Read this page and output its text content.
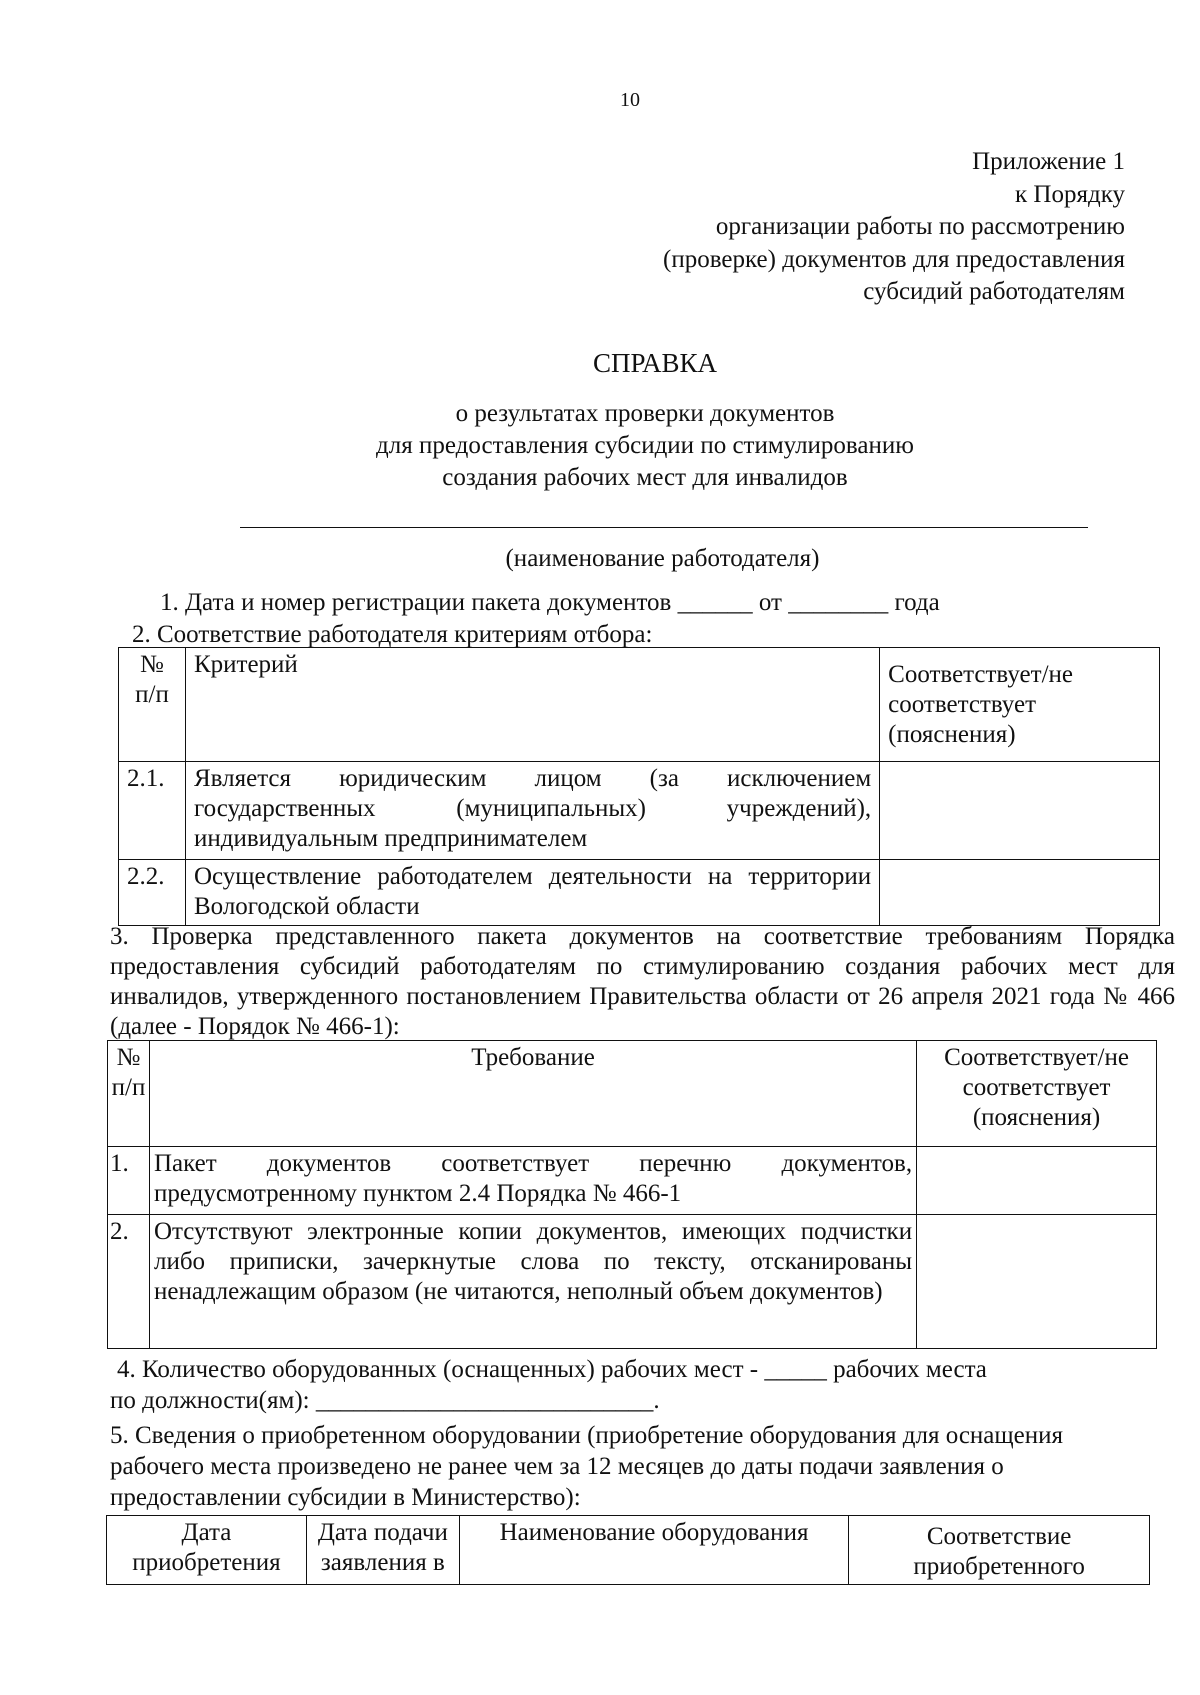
10
Приложение 1
к Порядку
организации работы по рассмотрению
(проверке) документов для предоставления
субсидий работодателям
СПРАВКА
о результатах проверки документов
для предоставления субсидии по стимулированию
создания рабочих мест для инвалидов
(наименование работодателя)
1. Дата и номер регистрации пакета документов ______ от ________ года
2. Соответствие работодателя критериям отбора:
№ п/п	Критерий	Соответствует/не соответствует (пояснения)
2.1.	Является юридическим лицом (за исключением государственных (муниципальных) учреждений), индивидуальным предпринимателем	
2.2.	Осуществление работодателем деятельности на территории Вологодской области	
3. Проверка представленного пакета документов на соответствие требованиям Порядка предоставления субсидий работодателям по стимулированию создания рабочих мест для инвалидов, утвержденного постановлением Правительства области от 26 апреля 2021 года № 466 (далее - Порядок № 466-1):
№ п/п	Требование	Соответствует/не соответствует (пояснения)
1.	Пакет документов соответствует перечню документов, предусмотренному пунктом 2.4 Порядка № 466-1	
2.	Отсутствуют электронные копии документов, имеющих подчистки либо приписки, зачеркнутые слова по тексту, отсканированы ненадлежащим образом (не читаются, неполный объем документов)	
4. Количество оборудованных (оснащенных) рабочих мест - _____ рабочих места
по должности(ям): ___________________________.
5. Сведения о приобретенном оборудовании (приобретение оборудования для оснащения рабочего места произведено не ранее чем за 12 месяцев до даты подачи заявления о предоставлении субсидии в Министерство):
Дата приобретения	Дата подачи заявления в	Наименование оборудования	Соответствие приобретенного
